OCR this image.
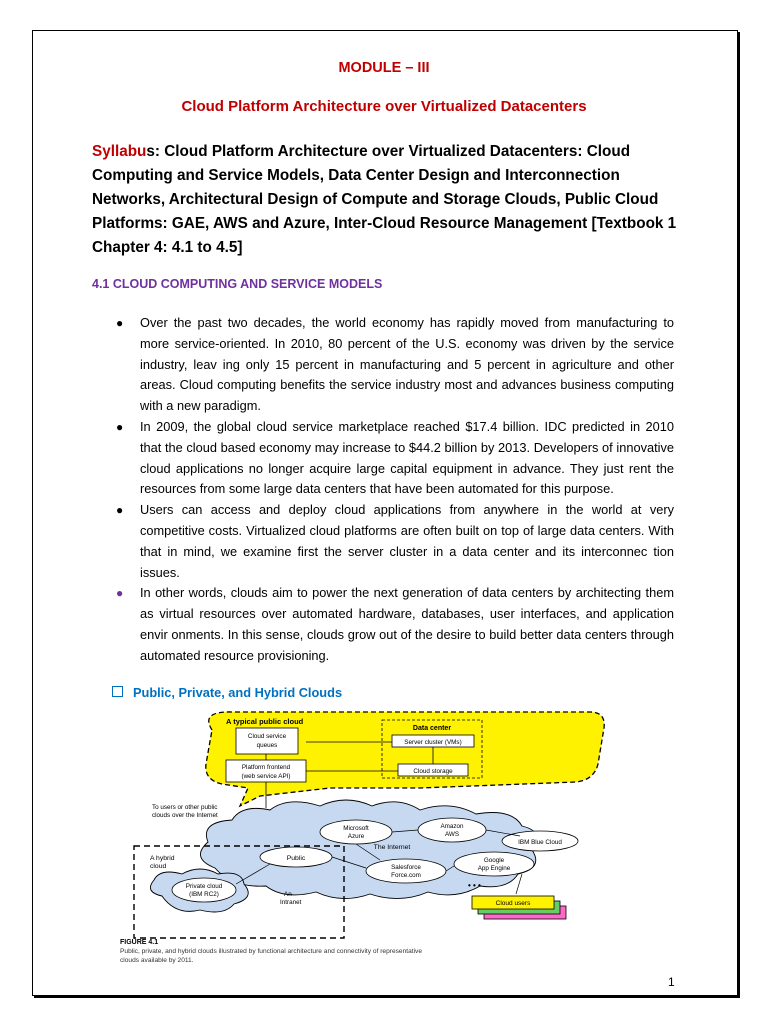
MODULE – III
Cloud Platform Architecture over Virtualized Datacenters
Syllabus: Cloud Platform Architecture over Virtualized Datacenters: Cloud Computing and Service Models, Data Center Design and Interconnection Networks, Architectural Design of Compute and Storage Clouds, Public Cloud Platforms: GAE, AWS and Azure, Inter-Cloud Resource Management [Textbook 1 Chapter 4: 4.1 to 4.5]
4.1 CLOUD COMPUTING AND SERVICE MODELS
● Over the past two decades, the world economy has rapidly moved from manufacturing to more service-oriented. In 2010, 80 percent of the U.S. economy was driven by the service industry, leav ing only 15 percent in manufacturing and 5 percent in agriculture and other areas. Cloud computing benefits the service industry most and advances business computing with a new paradigm.
● In 2009, the global cloud service marketplace reached $17.4 billion. IDC predicted in 2010 that the cloud based economy may increase to $44.2 billion by 2013. Developers of innovative cloud applications no longer acquire large capital equipment in advance. They just rent the resources from some large data centers that have been automated for this purpose.
● Users can access and deploy cloud applications from anywhere in the world at very competitive costs. Virtualized cloud platforms are often built on top of large data centers. With that in mind, we examine first the server cluster in a data center and its interconnec tion issues.
● In other words, clouds aim to power the next generation of data centers by architecting them as virtual resources over automated hardware, databases, user interfaces, and application envir onments. In this sense, clouds grow out of the desire to build better data centers through automated resource provisioning.
Public, Private, and Hybrid Clouds
A typical public cloud
Cloud service queues
Platform frontend (web service API)
Data center
Server cluster (VMs)
Cloud storage
To users or other public clouds over the Internet
The Internet
Microsoft Azure
Amazon AWS
IBM Blue Cloud
Public
Salesforce Force.com
Google App Engine
A hybrid cloud
Private cloud (IBM RC2)	An Intranet
• • •
Cloud users
FIGURE 4.1
Public, private, and hybrid clouds illustrated by functional architecture and connectivity of representative clouds available by 2011.
1
